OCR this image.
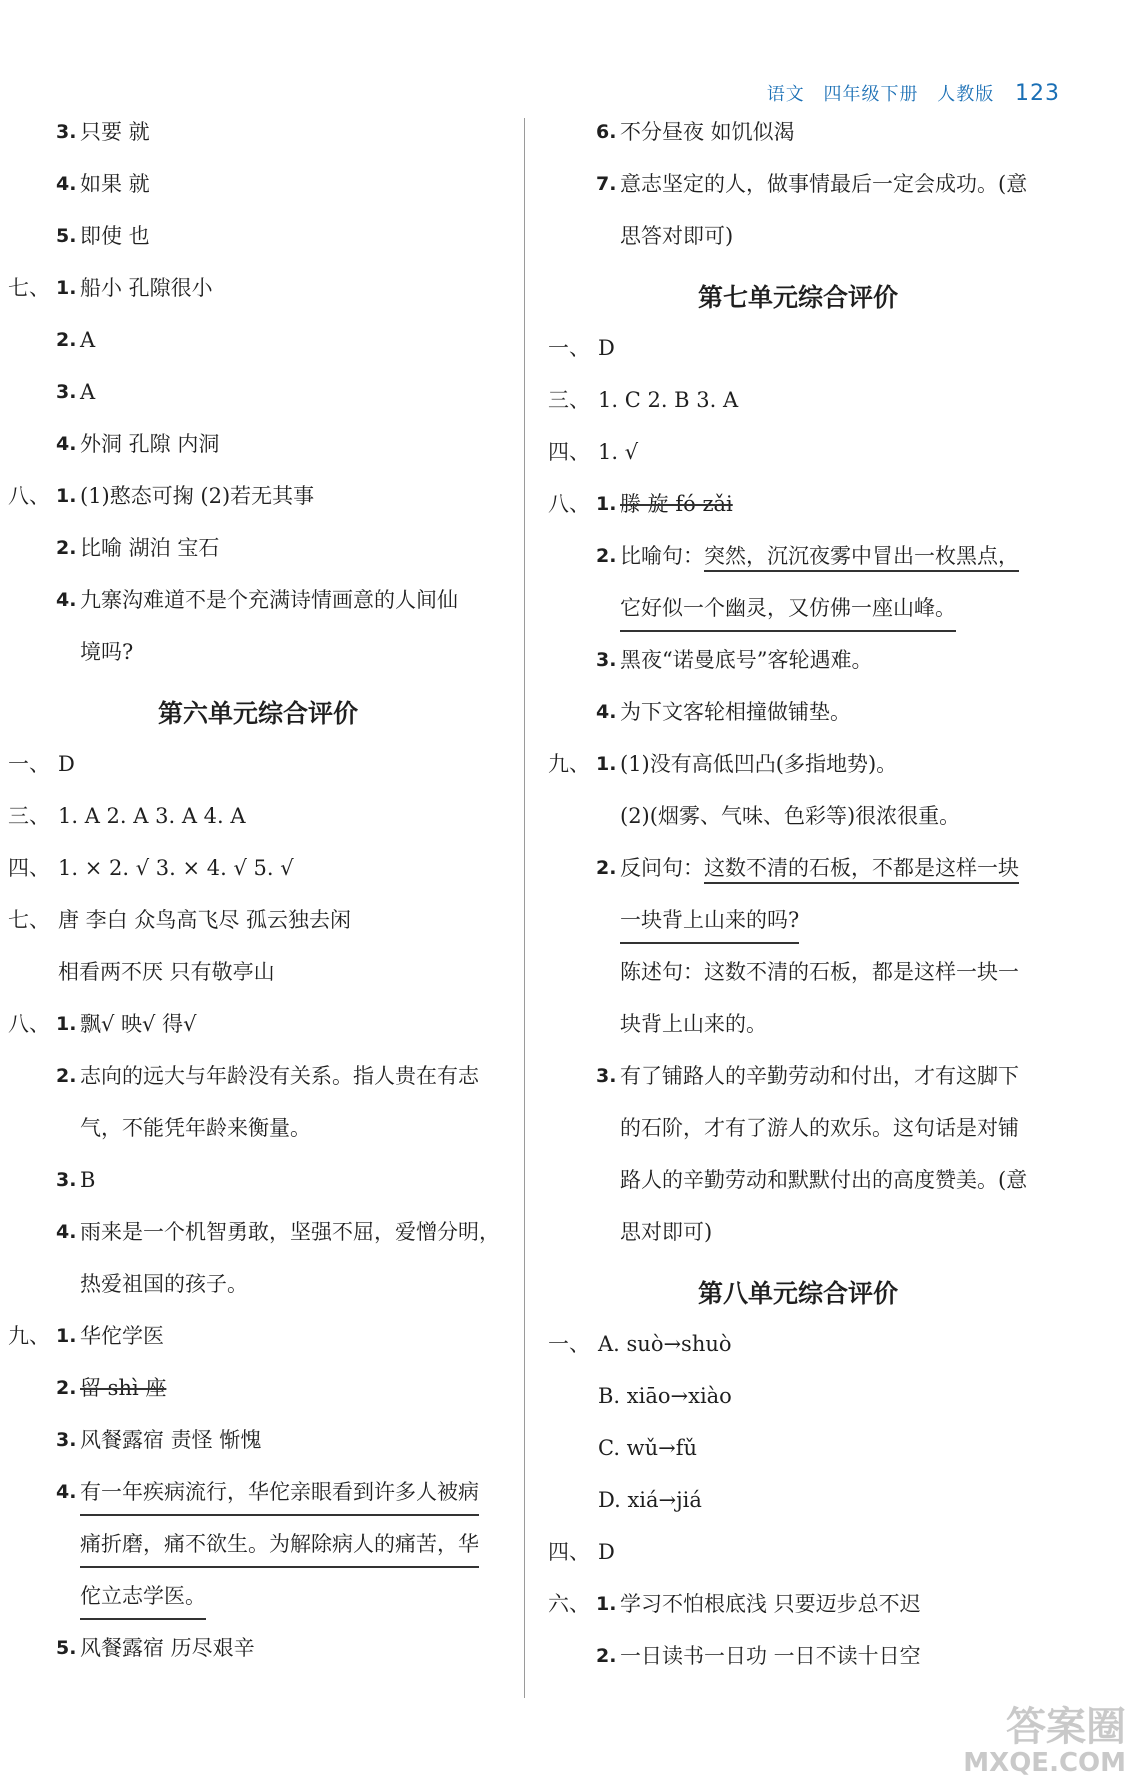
语文 四年级下册 人教版 123
3. 只要 就
4. 如果 就
5. 即使 也
七、 1. 船小 孔隙很小
2. A
3. A
4. 外洞 孔隙 内洞
八、 1. (1)憨态可掬 (2)若无其事
2. 比喻 湖泊 宝石
4. 九寨沟难道不是个充满诗情画意的人间仙
境吗?
第六单元综合评价
一、 D
三、 1. A 2. A 3. A 4. A
四、 1. × 2. √ 3. × 4. √ 5. √
七、 唐 李白 众鸟高飞尽 孤云独去闲
相看两不厌 只有敬亭山
八、 1. 飘√ 映√ 得√
2. 志向的远大与年龄没有关系。指人贵在有志
气，不能凭年龄来衡量。
3. B
4. 雨来是一个机智勇敢，坚强不屈，爱憎分明，
热爱祖国的孩子。
九、 1. 华佗学医
2. 留 shì 座
3. 风餐露宿 责怪 惭愧
4. 有一年疾病流行，华佗亲眼看到许多人被病
痛折磨，痛不欲生。为解除病人的痛苦，华
佗立志学医。
5. 风餐露宿 历尽艰辛
6. 不分昼夜 如饥似渴
7. 意志坚定的人，做事情最后一定会成功。(意
思答对即可)
第七单元综合评价
一、 D
三、 1. C 2. B 3. A
四、 1. √
八、 1. 滕 旋 fó zǎi
2. 比喻句：突然，沉沉夜雾中冒出一枚黑点，
它好似一个幽灵，又仿佛一座山峰。
3. 黑夜“诺曼底号”客轮遇难。
4. 为下文客轮相撞做铺垫。
九、 1. (1)没有高低凹凸(多指地势)。
(2)(烟雾、气味、色彩等)很浓很重。
2. 反问句：这数不清的石板，不都是这样一块
一块背上山来的吗?
陈述句：这数不清的石板，都是这样一块一
块背上山来的。
3. 有了铺路人的辛勤劳动和付出，才有这脚下
的石阶，才有了游人的欢乐。这句话是对铺
路人的辛勤劳动和默默付出的高度赞美。(意
思对即可)
第八单元综合评价
一、 A. suò→shuò
B. xiāo→xiào
C. wǔ→fǔ
D. xiá→jiá
四、 D
六、 1. 学习不怕根底浅 只要迈步总不迟
2. 一日读书一日功 一日不读十日空
答案圈
MXQE.COM
